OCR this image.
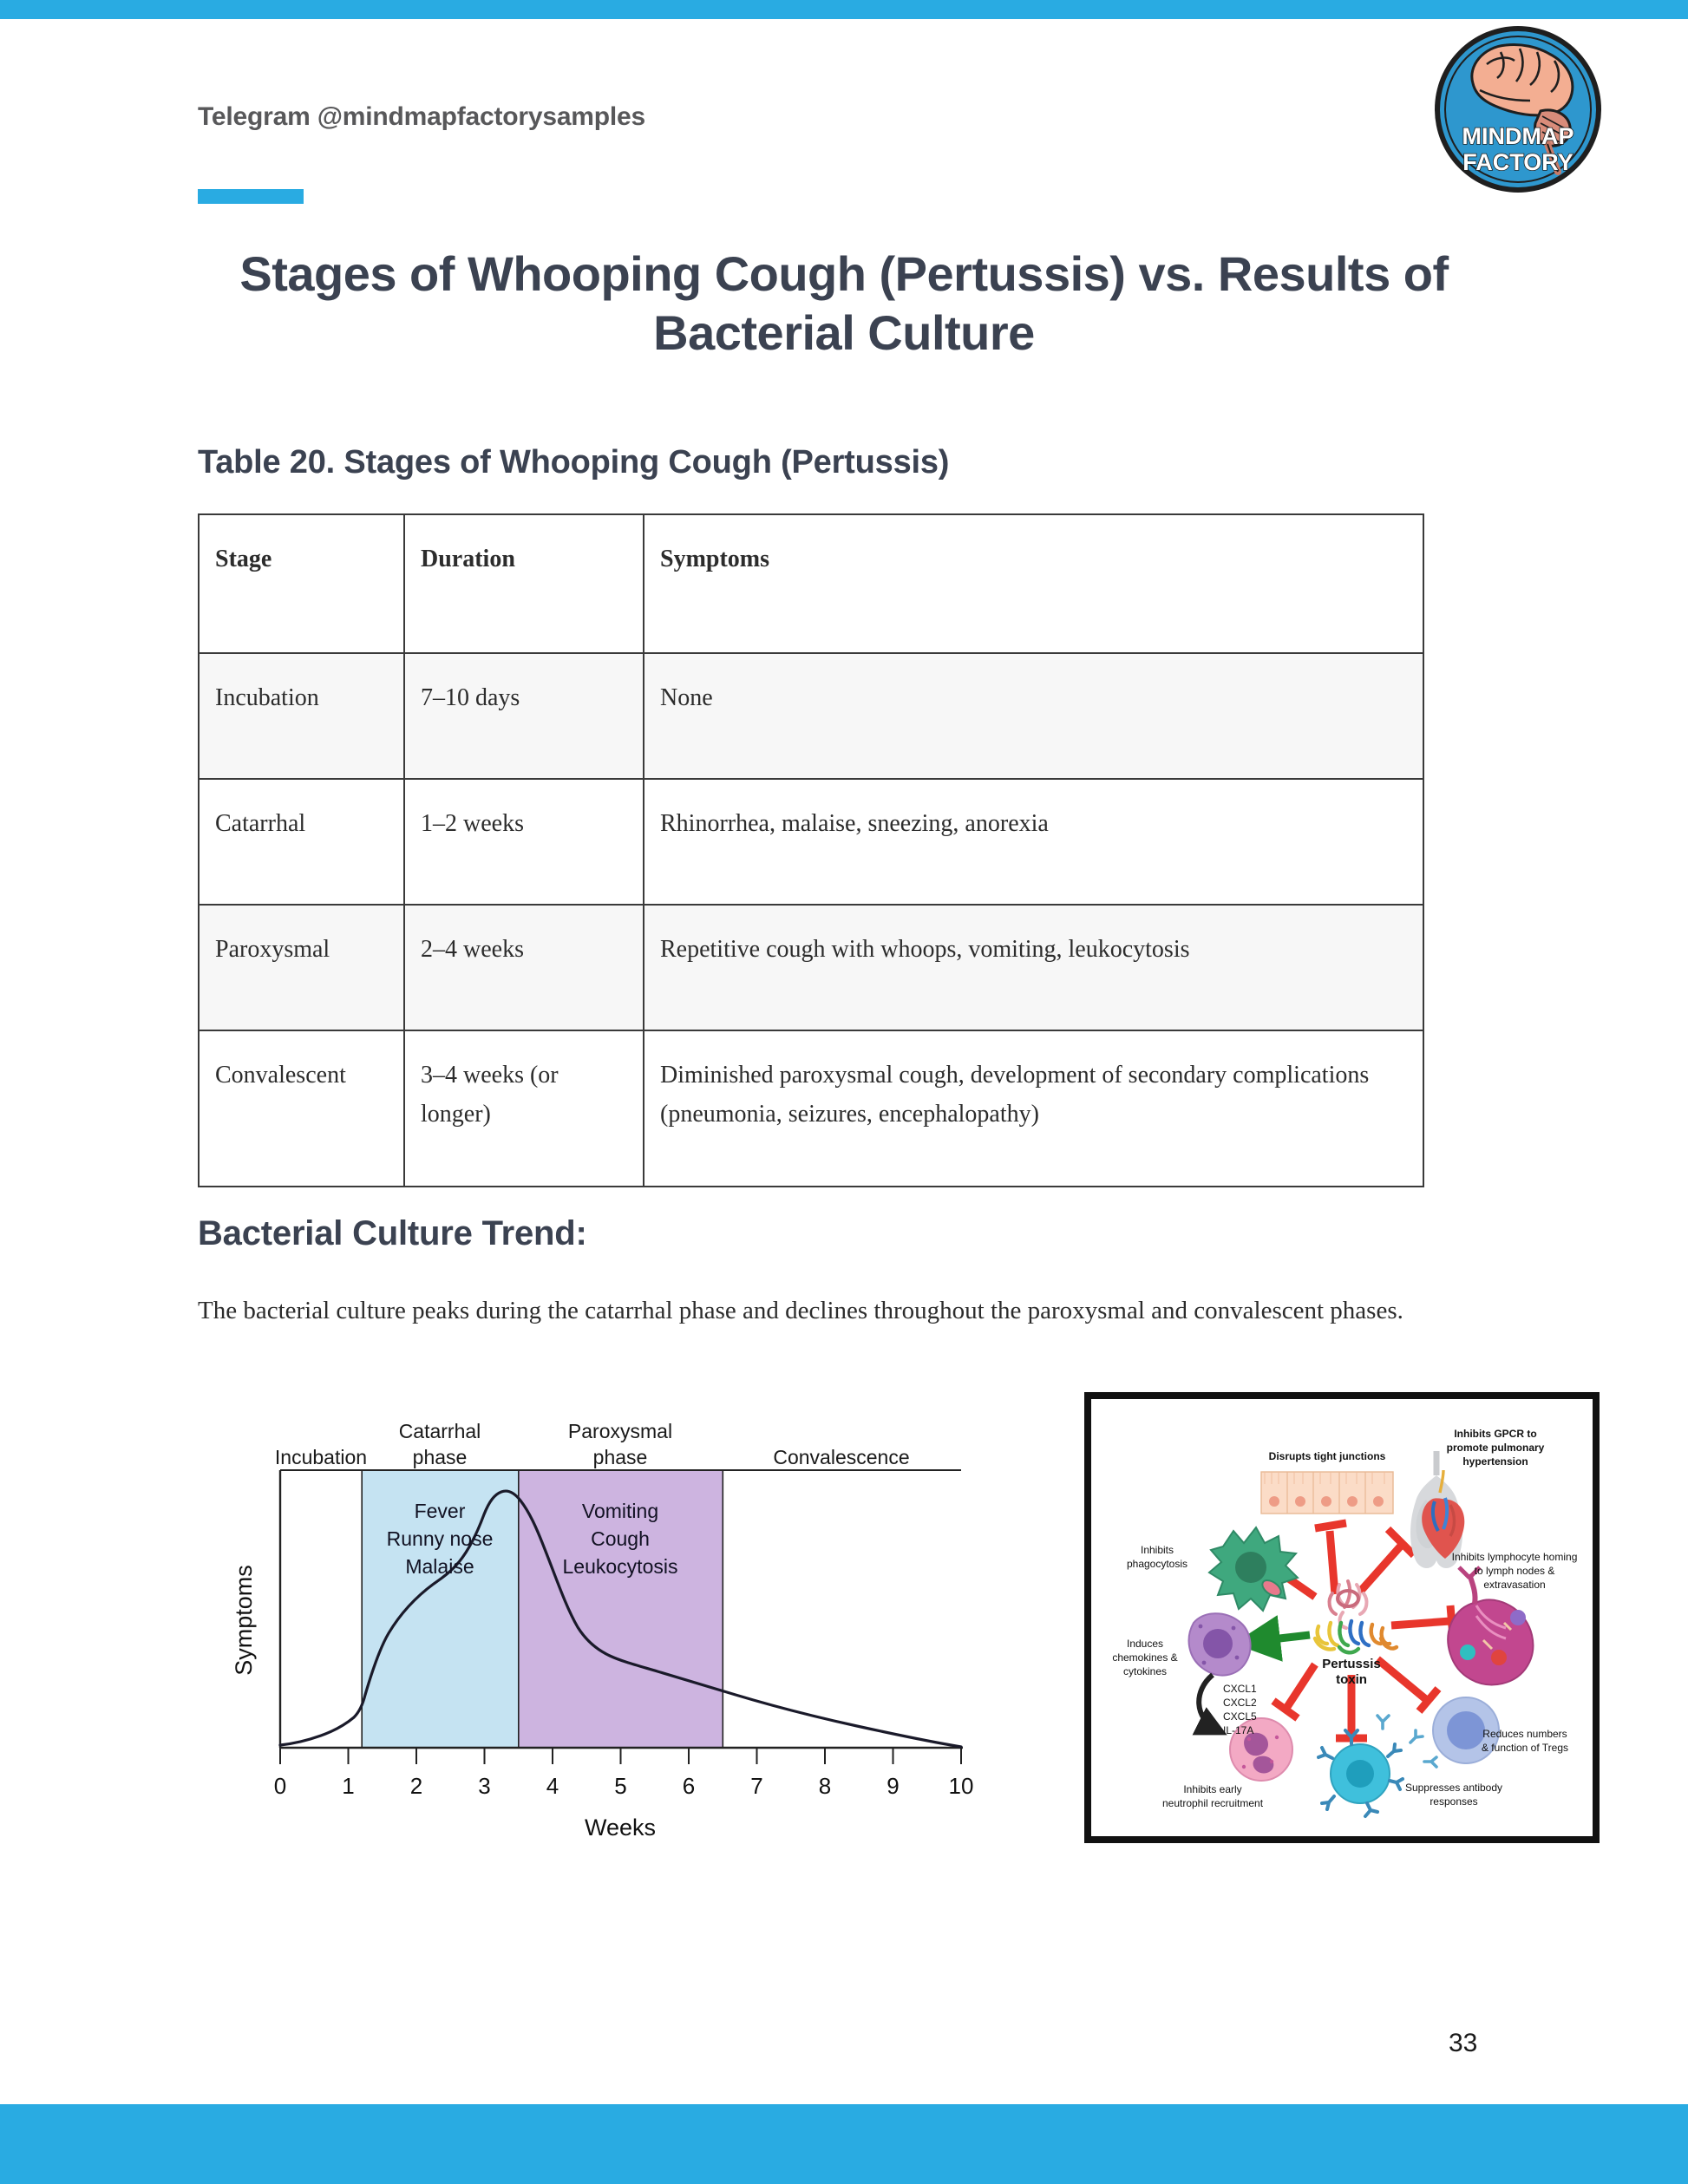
MINDMAP
FACTORY
Telegram @mindmapfactorysamples
Stages of Whooping Cough (Pertussis) vs. Results of Bacterial Culture
Table 20. Stages of Whooping Cough (Pertussis)
Stage	Duration	Symptoms
Incubation	7–10 days	None
Catarrhal	1–2 weeks	Rhinorrhea, malaise, sneezing, anorexia
Paroxysmal	2–4 weeks	Repetitive cough with whoops, vomiting, leukocytosis
Convalescent	3–4 weeks (or longer)	Diminished paroxysmal cough, development of secondary complications (pneumonia, seizures, encephalopathy)
Bacterial Culture Trend:

The bacterial culture peaks during the catarrhal phase and declines throughout the paroxysmal and convalescent phases.

Incubation
Catarrhal
phase
Paroxysmal
phase	Convalescence
Fever
Runny nose
Malaise
Vomiting
Cough
Leukocytosis
0 1 2 3 4 5 6 7 8 9 10
Weeks
Symptoms	Pertussis
toxin
Disrupts tight junctions
Inhibits GPCR to
promote pulmonary
hypertension
Inhibits
phagocytosis
Inhibits lymphocyte homing
to lymph nodes &
extravasation
Induces
chemokines &
cytokines
CXCL1
CXCL2
CXCL5
IL-17A
Inhibits early
neutrophil recruitment
Suppresses antibody
responses
Reduces numbers
& function of Tregs
33
